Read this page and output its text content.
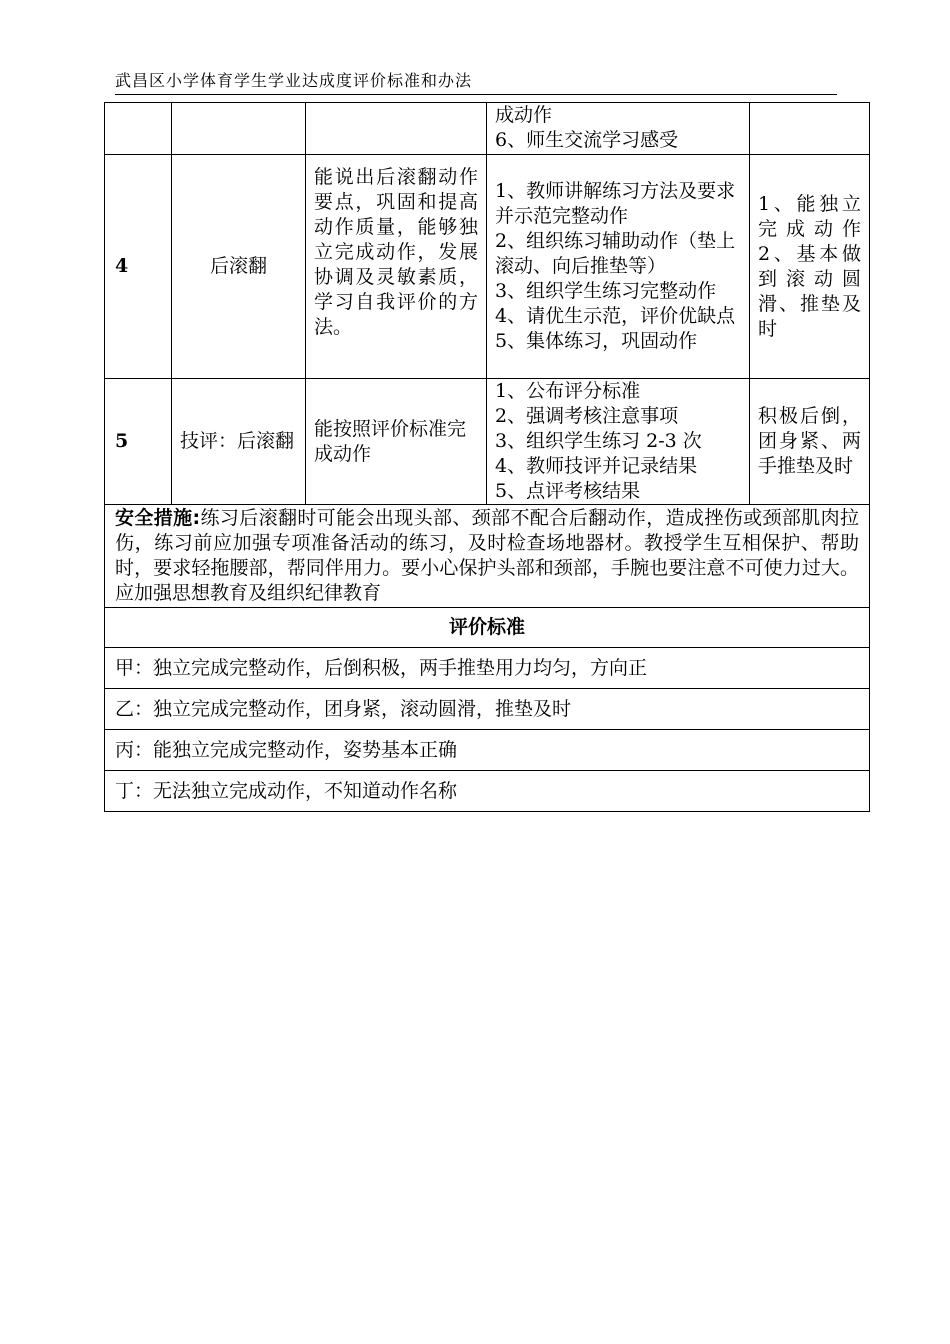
武昌区小学体育学生学业达成度评价标准和办法

			成动作
6、师生交流学习感受	

4	后滚翻	能说出后滚翻动作要点，巩固和提高动作质量，能够独立完成动作，发展协调及灵敏素质，学习自我评价的方法。	1、教师讲解练习方法及要求并示范完整动作
2、组织练习辅助动作（垫上滚动、向后推垫等）
3、组织学生练习完整动作
4、请优生示范，评价优缺点
5、集体练习，巩固动作	1、能独立完成动作 2、基本做到滚动圆滑、推垫及时
5	技评：后滚翻	能按照评价标准完成动作	1、公布评分标准
2、强调考核注意事项
3、组织学生练习 2-3 次
4、教师技评并记录结果
5、点评考核结果	积极后倒，团身紧、两手推垫及时
安全措施:练习后滚翻时可能会出现头部、颈部不配合后翻动作，造成挫伤或颈部肌肉拉伤，练习前应加强专项准备活动的练习，及时检查场地器材。教授学生互相保护、帮助时，要求轻拖腰部，帮同伴用力。要小心保护头部和颈部，手腕也要注意不可使力过大。应加强思想教育及组织纪律教育				
评价标准				
甲：独立完成完整动作，后倒积极，两手推垫用力均匀，方向正				
乙：独立完成完整动作，团身紧，滚动圆滑，推垫及时				
丙：能独立完成完整动作，姿势基本正确				
丁：无法独立完成动作，不知道动作名称				
